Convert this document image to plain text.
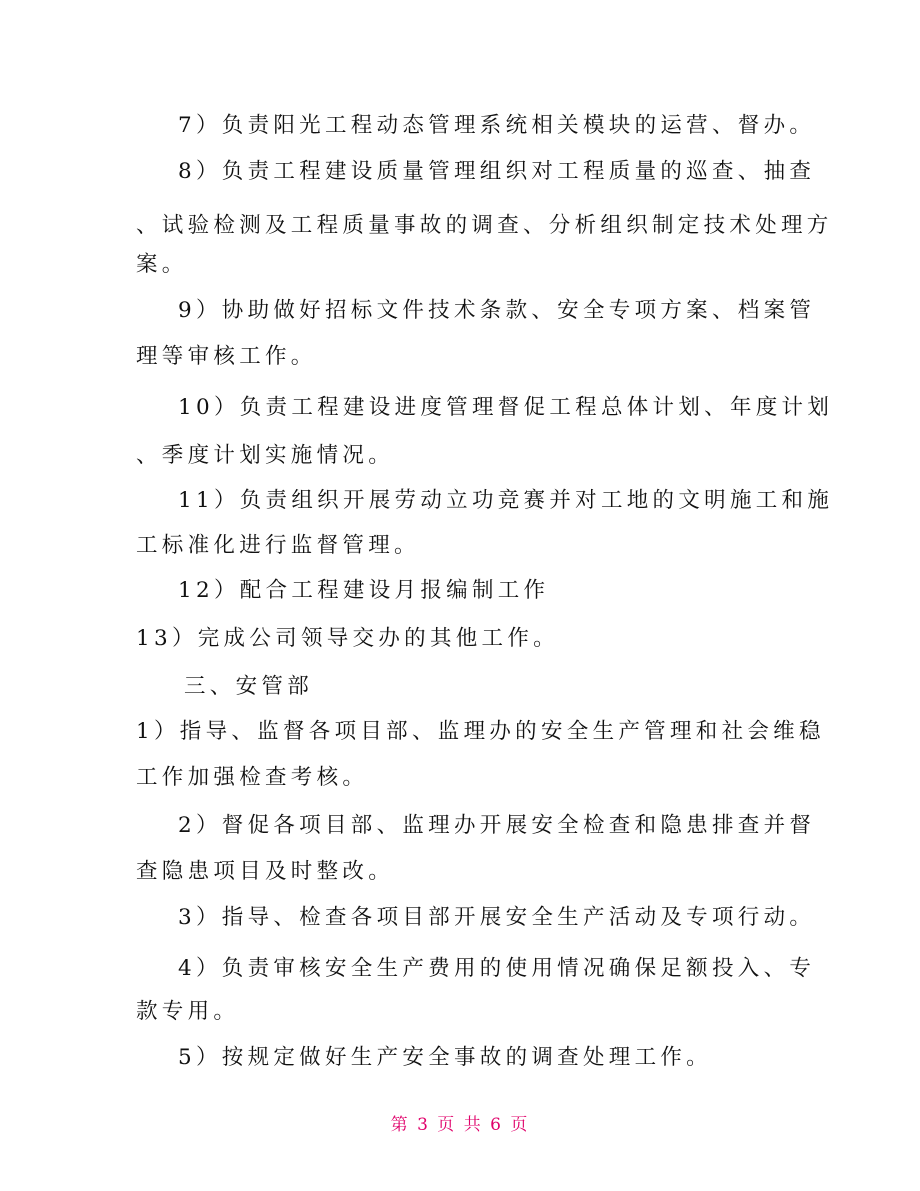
7）负责阳光工程动态管理系统相关模块的运营、督办。
8）负责工程建设质量管理组织对工程质量的巡查、抽查
、试验检测及工程质量事故的调查、分析组织制定技术处理方
案。
9）协助做好招标文件技术条款、安全专项方案、档案管
理等审核工作。
10）负责工程建设进度管理督促工程总体计划、年度计划
、季度计划实施情况。
11）负责组织开展劳动立功竞赛并对工地的文明施工和施
工标准化进行监督管理。
12）配合工程建设月报编制工作
13）完成公司领导交办的其他工作。
三、安管部
1）指导、监督各项目部、监理办的安全生产管理和社会维稳
工作加强检查考核。
2）督促各项目部、监理办开展安全检查和隐患排查并督
查隐患项目及时整改。
3）指导、检查各项目部开展安全生产活动及专项行动。
4）负责审核安全生产费用的使用情况确保足额投入、专
款专用。
5）按规定做好生产安全事故的调查处理工作。
第 3 页 共 6 页
